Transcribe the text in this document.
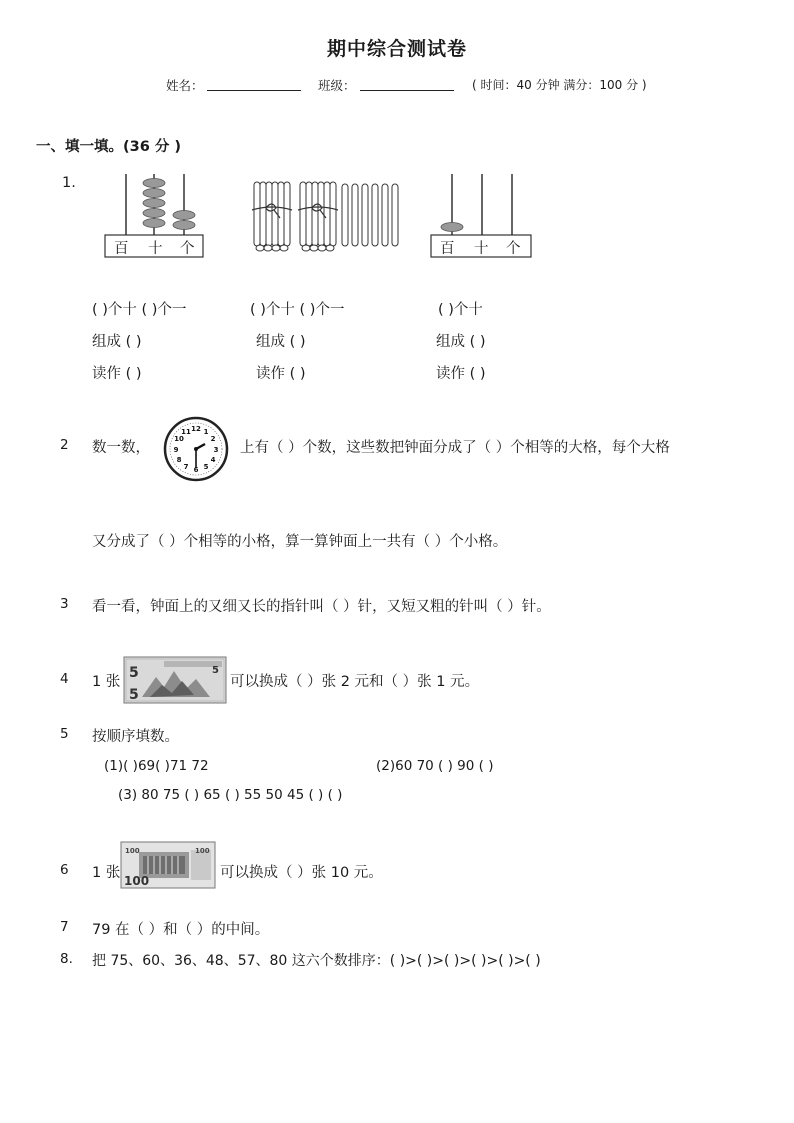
期中综合测试卷
姓名：	班级：	( 时间：40 分钟 满分：100 分 )
一、填一填。(36 分 )
1.
百 十 个	百 十 个
( )个十 ( )个一
组成 ( )
读作 ( )
( )个十 ( )个一
组成 ( )
读作 ( )
( )个十
组成 ( )
读作 ( )
2 数一数，
12 1
2
3
4
5
6
7
8
9
10
11
上有（ ）个数，这些数把钟面分成了（ ）个相等的大格，每个大格
又分成了（ ）个相等的小格，算一算钟面上一共有（ ）个小格。
3 看一看，钟面上的又细又长的指针叫（ ）针，又短又粗的针叫（ ）针。
4 1 张
5
5
5
可以换成（ ）张 2 元和（ ）张 1 元。
5 按顺序填数。
(1)( )69( )71 72	(2)60 70 ( ) 90 ( )
(3) 80 75 ( ) 65 ( ) 55 50 45 ( ) ( )
6 1 张
100
100
100
可以换成（ ）张 10 元。
7 79 在（ ）和（ ）的中间。
8. 把 75、60、36、48、57、80 这六个数排序：( )>( )>( )>( )>( )>( )
